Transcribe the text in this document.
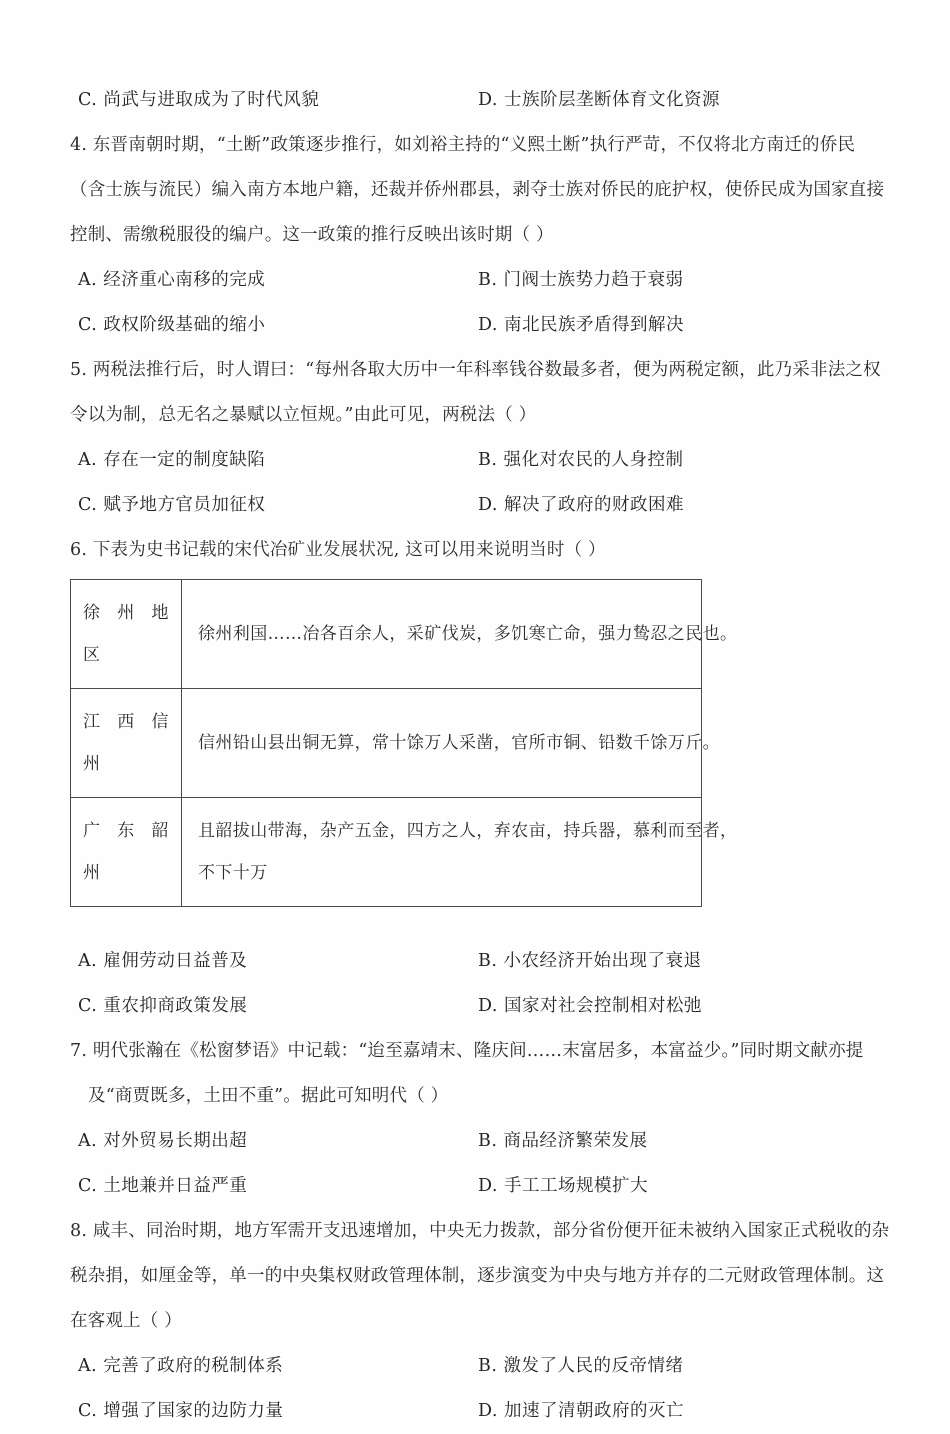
C. 尚武与进取成为了时代风貌	D. 士族阶层垄断体育文化资源
4. 东晋南朝时期，“土断”政策逐步推行，如刘裕主持的“义熙土断”执行严苛，不仅将北方南迁的侨民
（含士族与流民）编入南方本地户籍，还裁并侨州郡县，剥夺士族对侨民的庇护权，使侨民成为国家直接
控制、需缴税服役的编户。这一政策的推行反映出该时期（ ）
A. 经济重心南移的完成	B. 门阀士族势力趋于衰弱
C. 政权阶级基础的缩小	D. 南北民族矛盾得到解决
5. 两税法推行后，时人谓曰：“每州各取大历中一年科率钱谷数最多者，便为两税定额，此乃采非法之权
令以为制，总无名之暴赋以立恒规。”由此可见，两税法（ ）
A. 存在一定的制度缺陷	B. 强化对农民的人身控制
C. 赋予地方官员加征权	D. 解决了政府的财政困难
6. 下表为史书记载的宋代冶矿业发展状况, 这可以用来说明当时（ ）
徐州地
区	徐州利国……冶各百余人，采矿伐炭，多饥寒亡命，强力鸷忍之民也。

江西信
州	信州铅山县出铜无算，常十馀万人采凿，官所市铜、铅数千馀万斤。

广东韶
州	且韶拔山带海，杂产五金，四方之人，弃农亩，持兵器，慕利而至者，
不下十万
A. 雇佣劳动日益普及	B. 小农经济开始出现了衰退
C. 重农抑商政策发展	D. 国家对社会控制相对松弛
7. 明代张瀚在《松窗梦语》中记载：“迨至嘉靖末、隆庆间……末富居多，本富益少。”同时期文献亦提
及“商贾既多，土田不重”。据此可知明代（ ）
A. 对外贸易长期出超	B. 商品经济繁荣发展
C. 土地兼并日益严重	D. 手工工场规模扩大
8. 咸丰、同治时期，地方军需开支迅速增加，中央无力拨款，部分省份便开征未被纳入国家正式税收的杂
税杂捐，如厘金等，单一的中央集权财政管理体制，逐步演变为中央与地方并存的二元财政管理体制。这
在客观上（ ）
A. 完善了政府的税制体系	B. 激发了人民的反帝情绪
C. 增强了国家的边防力量	D. 加速了清朝政府的灭亡
